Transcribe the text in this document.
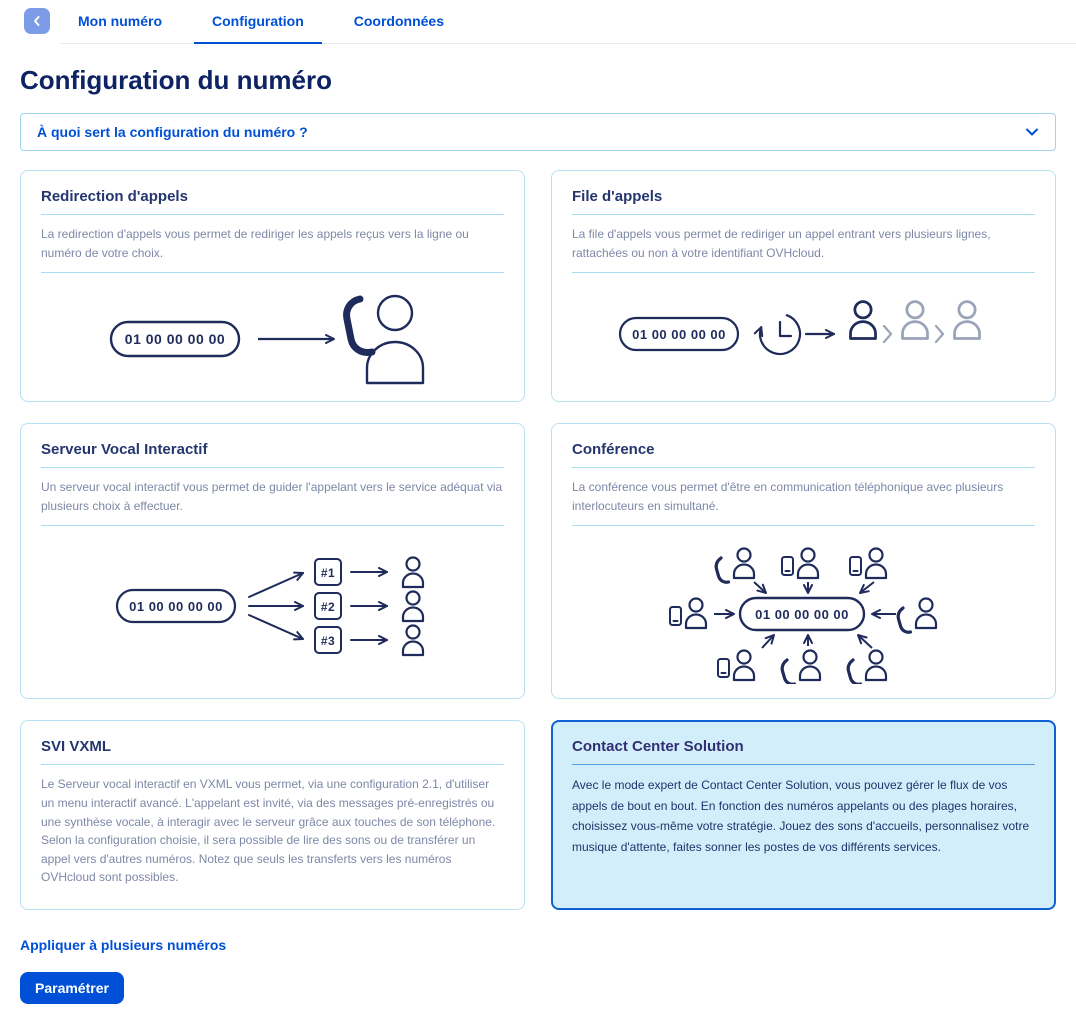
Mon numéro	Configuration	Coordonnées
Configuration du numéro
À quoi sert la configuration du numéro ?
Redirection d'appels

La redirection d'appels vous permet de rediriger les appels reçus vers la ligne ou numéro de votre choix.

01 00 00 00 00
File d'appels

La file d'appels vous permet de rediriger un appel entrant vers plusieurs lignes, rattachées ou non à votre identifiant OVHcloud.

01 00 00 00 00
Serveur Vocal Interactif

Un serveur vocal interactif vous permet de guider l'appelant vers le service adéquat via plusieurs choix à effectuer.

01 00 00 00 00
#1
#2
#3
Conférence

La conférence vous permet d'être en communication téléphonique avec plusieurs interlocuteurs en simultané.

01 00 00 00 00
SVI VXML

Le Serveur vocal interactif en VXML vous permet, via une configuration 2.1, d'utiliser un menu interactif avancé. L'appelant est invité, via des messages pré-enregistrés ou une synthèse vocale, à interagir avec le serveur grâce aux touches de son téléphone. Selon la configuration choisie, il sera possible de lire des sons ou de transférer un appel vers d'autres numéros. Notez que seuls les transferts vers les numéros OVHcloud sont possibles.

Contact Center Solution

Avec le mode expert de Contact Center Solution, vous pouvez gérer le flux de vos appels de bout en bout. En fonction des numéros appelants ou des plages horaires, choisissez vous-même votre stratégie. Jouez des sons d'accueils, personnalisez votre musique d'attente, faites sonner les postes de vos différents services.

Appliquer à plusieurs numéros
Paramétrer
